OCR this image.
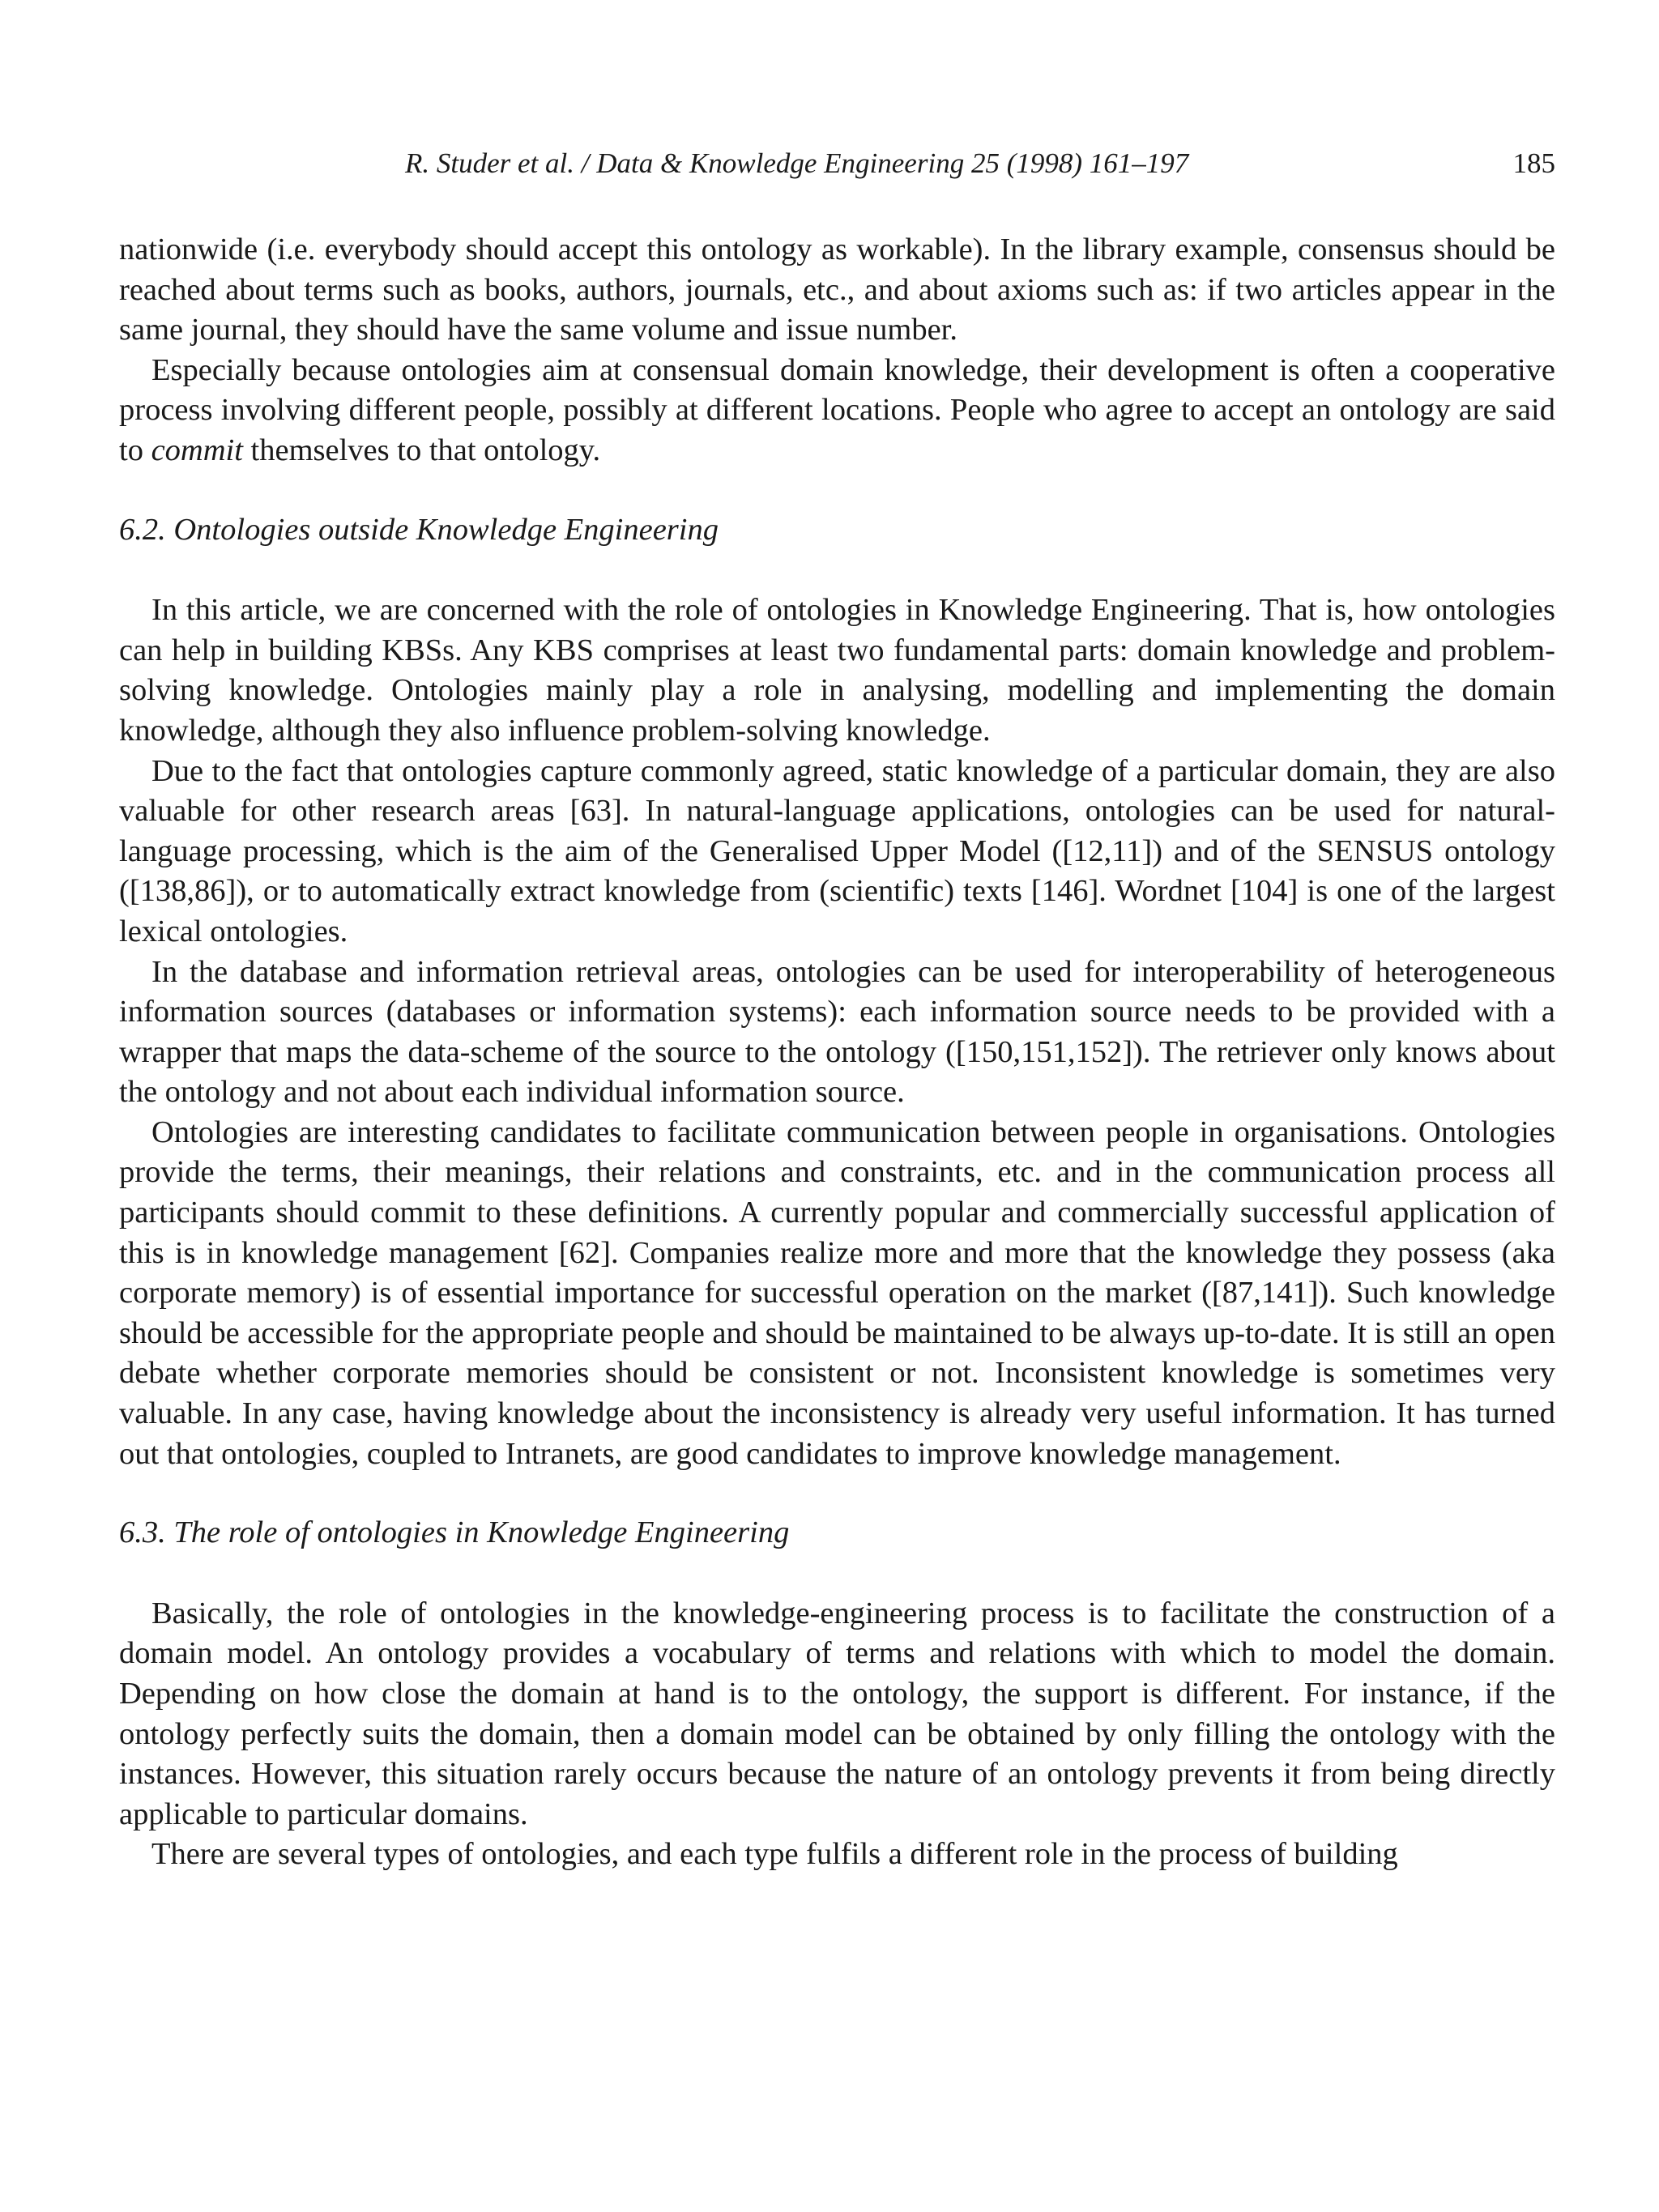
R. Studer et al. / Data & Knowledge Engineering 25 (1998) 161–197	185

nationwide (i.e. everybody should accept this ontology as workable). In the library example, consensus should be reached about terms such as books, authors, journals, etc., and about axioms such as: if two articles appear in the same journal, they should have the same volume and issue number.

Especially because ontologies aim at consensual domain knowledge, their development is often a cooperative process involving different people, possibly at different locations. People who agree to accept an ontology are said to commit themselves to that ontology.

6.2. Ontologies outside Knowledge Engineering

In this article, we are concerned with the role of ontologies in Knowledge Engineering. That is, how ontologies can help in building KBSs. Any KBS comprises at least two fundamental parts: domain knowledge and problem-solving knowledge. Ontologies mainly play a role in analysing, modelling and implementing the domain knowledge, although they also influence problem-solving knowledge.

Due to the fact that ontologies capture commonly agreed, static knowledge of a particular domain, they are also valuable for other research areas [63]. In natural-language applications, ontologies can be used for natural-language processing, which is the aim of the Generalised Upper Model ([12,11]) and of the SENSUS ontology ([138,86]), or to automatically extract knowledge from (scientific) texts [146]. Wordnet [104] is one of the largest lexical ontologies.

In the database and information retrieval areas, ontologies can be used for interoperability of heterogeneous information sources (databases or information systems): each information source needs to be provided with a wrapper that maps the data-scheme of the source to the ontology ([150,151,152]). The retriever only knows about the ontology and not about each individual information source.

Ontologies are interesting candidates to facilitate communication between people in organisations. Ontologies provide the terms, their meanings, their relations and constraints, etc. and in the communication process all participants should commit to these definitions. A currently popular and commercially successful application of this is in knowledge management [62]. Companies realize more and more that the knowledge they possess (aka corporate memory) is of essential importance for successful operation on the market ([87,141]). Such knowledge should be accessible for the appropriate people and should be maintained to be always up-to-date. It is still an open debate whether corporate memories should be consistent or not. Inconsistent knowledge is sometimes very valuable. In any case, having knowledge about the inconsistency is already very useful information. It has turned out that ontologies, coupled to Intranets, are good candidates to improve knowledge management.

6.3. The role of ontologies in Knowledge Engineering

Basically, the role of ontologies in the knowledge-engineering process is to facilitate the construction of a domain model. An ontology provides a vocabulary of terms and relations with which to model the domain. Depending on how close the domain at hand is to the ontology, the support is different. For instance, if the ontology perfectly suits the domain, then a domain model can be obtained by only filling the ontology with the instances. However, this situation rarely occurs because the nature of an ontology prevents it from being directly applicable to particular domains.

There are several types of ontologies, and each type fulfils a different role in the process of building
